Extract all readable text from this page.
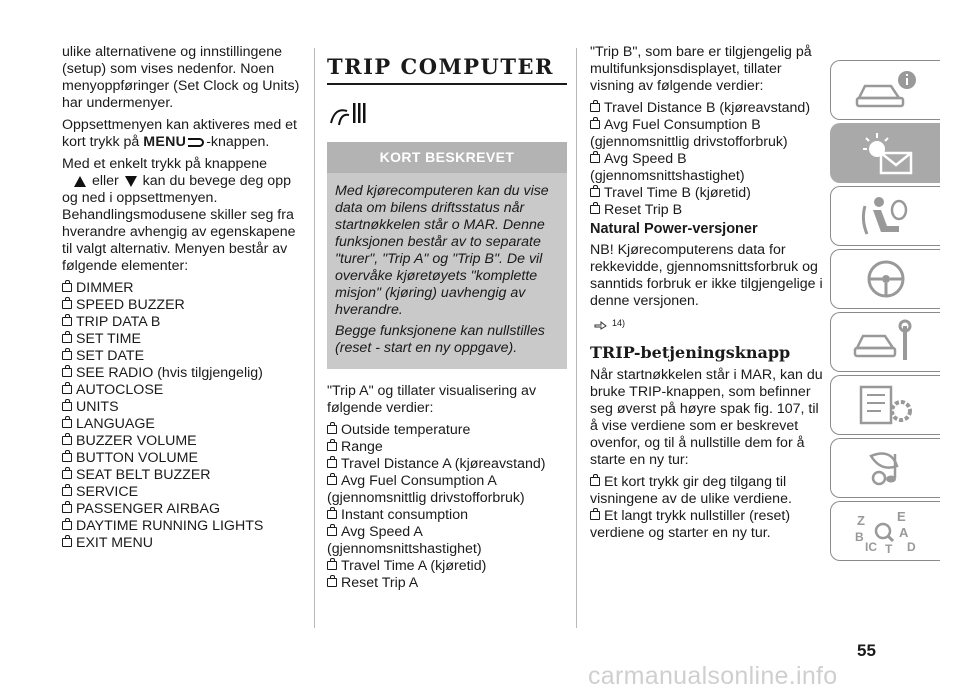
ulike alternativene og innstillingene (setup) som vises nedenfor. Noen menyoppføringer (Set Clock og Units) har undermenyer.

Oppsettmenyen kan aktiveres med et kort trykk på MENU -knappen.

Med et enkelt trykk på knappene
eller kan du bevege deg opp og ned i oppsettmenyen. Behandlingsmodusene skiller seg fra hverandre avhengig av egenskapene til valgt alternativ. Menyen består av følgende elementer:

DIMMER
SPEED BUZZER
TRIP DATA B
SET TIME
SET DATE
SEE RADIO (hvis tilgjengelig)
AUTOCLOSE
UNITS
LANGUAGE
BUZZER VOLUME
BUTTON VOLUME
SEAT BELT BUZZER
SERVICE
PASSENGER AIRBAG
DAYTIME RUNNING LIGHTS
EXIT MENU
TRIP COMPUTER
KORT BESKREVET

Med kjørecomputeren kan du vise data om bilens driftsstatus når startnøkkelen står o MAR. Denne funksjonen består av to separate "turer", "Trip A" og "Trip B". De vil overvåke kjøretøyets "komplette misjon" (kjøring) uavhengig av hverandre.

Begge funksjonene kan nullstilles (reset - start en ny oppgave).

"Trip A" og tillater visualisering av følgende verdier:

Outside temperature
Range
Travel Distance A (kjøreavstand)
Avg Fuel Consumption A (gjennomsnittlig drivstofforbruk)
Instant consumption
Avg Speed A (gjennomsnittshastighet)
Travel Time A (kjøretid)
Reset Trip A

"Trip B", som bare er tilgjengelig på multifunksjonsdisplayet, tillater visning av følgende verdier:

Travel Distance B (kjøreavstand)
Avg Fuel Consumption B (gjennomsnittlig drivstofforbruk)
Avg Speed B (gjennomsnittshastighet)
Travel Time B (kjøretid)
Reset Trip B
Natural Power-versjoner

NB! Kjørecomputerens data for rekkevidde, gjennomsnittsforbruk og sanntids forbruk er ikke tilgjengelige i denne versjonen.

14)
TRIP-betjeningsknapp

Når startnøkkelen står i MAR, kan du bruke TRIP-knappen, som befinner seg øverst på høyre spak fig. 107, til å vise verdiene som er beskrevet ovenfor, og til å nullstille dem for å starte en ny tur:

Et kort trykk gir deg tilgang til visningene av de ulike verdiene.
Et langt trykk nullstiller (reset) verdiene og starter en ny tur.
Z E
A
B
IC T D
55
carmanualsonline.info
